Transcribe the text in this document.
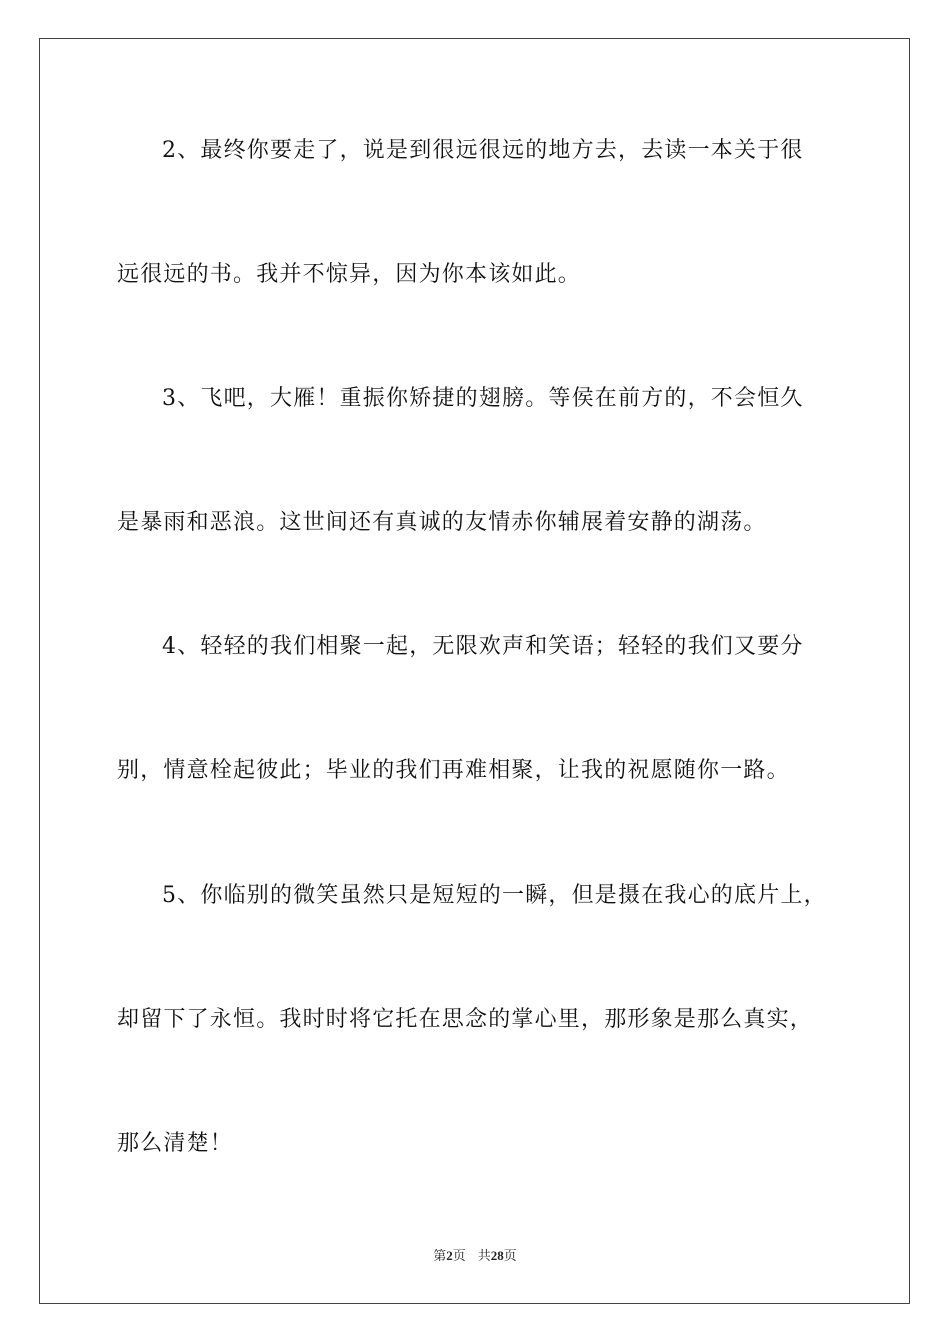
2、最终你要走了，说是到很远很远的地方去，去读一本关于很
远很远的书。我并不惊异，因为你本该如此。
3、飞吧，大雁！重振你矫捷的翅膀。等侯在前方的，不会恒久
是暴雨和恶浪。这世间还有真诚的友情赤你辅展着安静的湖荡。
4、轻轻的我们相聚一起，无限欢声和笑语；轻轻的我们又要分
别，情意栓起彼此；毕业的我们再难相聚，让我的祝愿随你一路。
5、你临别的微笑虽然只是短短的一瞬，但是摄在我心的底片上，
却留下了永恒。我时时将它托在思念的掌心里，那形象是那么真实，
那么清楚！
第2页 共28页
